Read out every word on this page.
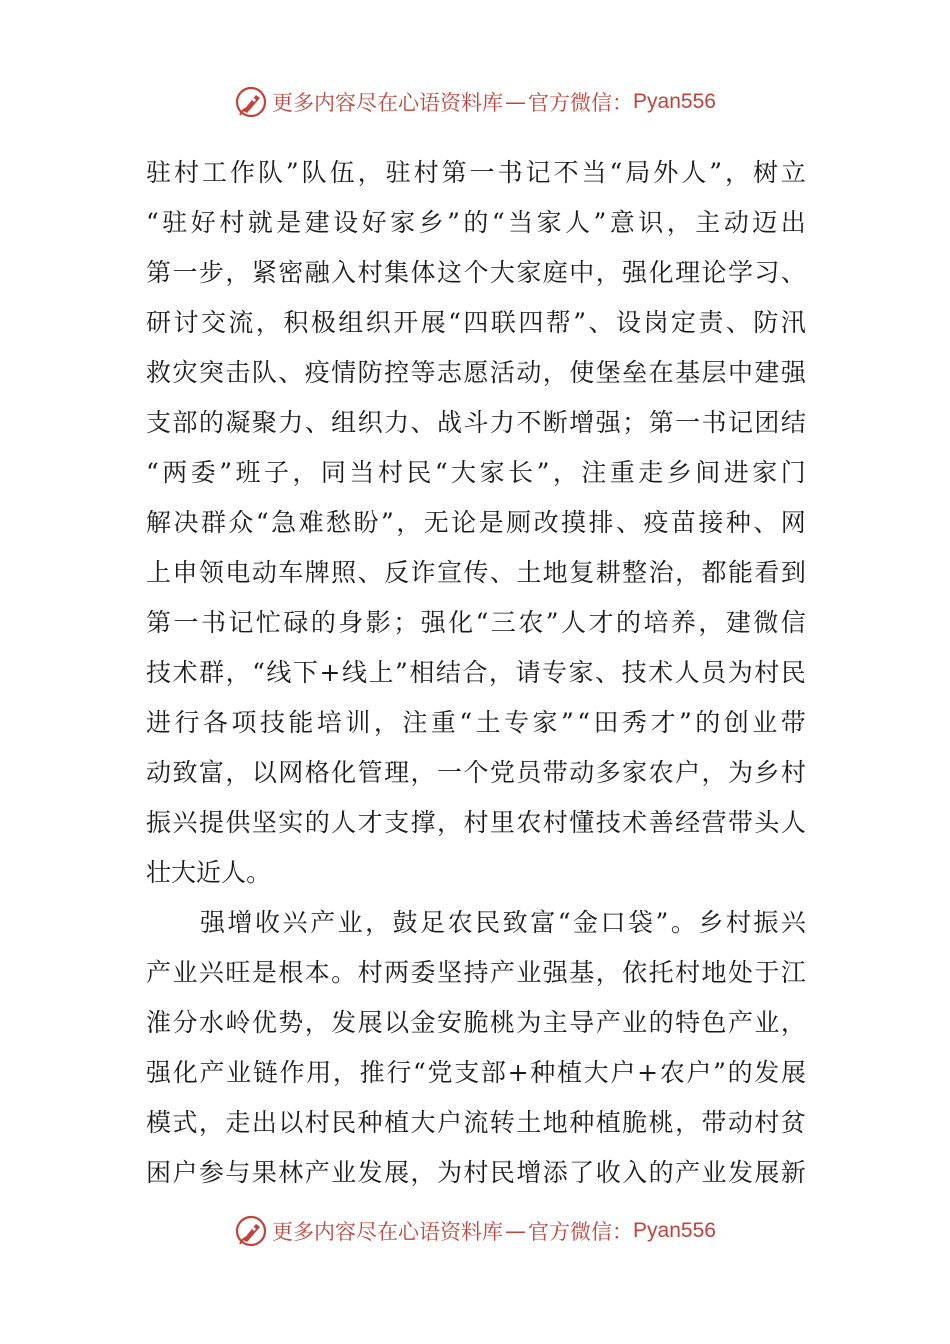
更多内容尽在心语资料库 — 官方微信： Pyan556
驻 村 工 作 队 ” 队 伍 ， 驻 村 第 一 书 记 不 当 “ 局 外 人 ” ， 树 立
“ 驻 好 村 就 是 建 设 好 家 乡 ” 的 “ 当 家 人 ” 意 识 ， 主 动 迈 出
第 一 步 ， 紧 密 融 入 村 集 体 这 个 大 家 庭 中 ， 强 化 理 论 学 习 、
研 讨 交 流 ， 积 极 组 织 开 展 “ 四 联 四 帮 ” 、 设 岗 定 责 、 防 汛
救 灾 突 击 队 、 疫 情 防 控 等 志 愿 活 动 ， 使 堡 垒 在 基 层 中 建 强
支 部 的 凝 聚 力 、 组 织 力 、 战 斗 力 不 断 增 强 ； 第 一 书 记 团 结
“ 两 委 ” 班 子 ， 同 当 村 民 “ 大 家 长 ” ， 注 重 走 乡 间 进 家 门
解 决 群 众 “ 急 难 愁 盼 ” ， 无 论 是 厕 改 摸 排 、 疫 苗 接 种 、 网
上 申 领 电 动 车 牌 照 、 反 诈 宣 传 、 土 地 复 耕 整 治 ， 都 能 看 到
第 一 书 记 忙 碌 的 身 影 ； 强 化 “ 三 农 ” 人 才 的 培 养 ， 建 微 信
技 术 群 ， “ 线 下 + 线 上 ” 相 结 合 ， 请 专 家 、 技 术 人 员 为 村 民
进 行 各 项 技 能 培 训 ， 注 重 “ 土 专 家 ” “ 田 秀 才 ” 的 创 业 带
动 致 富 ， 以 网 格 化 管 理 ， 一 个 党 员 带 动 多 家 农 户 ， 为 乡 村
振 兴 提 供 坚 实 的 人 才 支 撑 ， 村 里 农 村 懂 技 术 善 经 营 带 头 人
壮 大 近 人 。
强 增 收 兴 产 业 ， 鼓 足 农 民 致 富 “ 金 口 袋 ” 。 乡 村 振 兴
产 业 兴 旺 是 根 本 。 村 两 委 坚 持 产 业 强 基 ， 依 托 村 地 处 于 江
淮 分 水 岭 优 势 ， 发 展 以 金 安 脆 桃 为 主 导 产 业 的 特 色 产 业 ，
强 化 产 业 链 作 用 ， 推 行 “ 党 支 部 + 种 植 大 户 + 农 户 ” 的 发 展
模 式 ， 走 出 以 村 民 种 植 大 户 流 转 土 地 种 植 脆 桃 ， 带 动 村 贫
困 户 参 与 果 林 产 业 发 展 ， 为 村 民 增 添 了 收 入 的 产 业 发 展 新
更多内容尽在心语资料库 — 官方微信： Pyan556
